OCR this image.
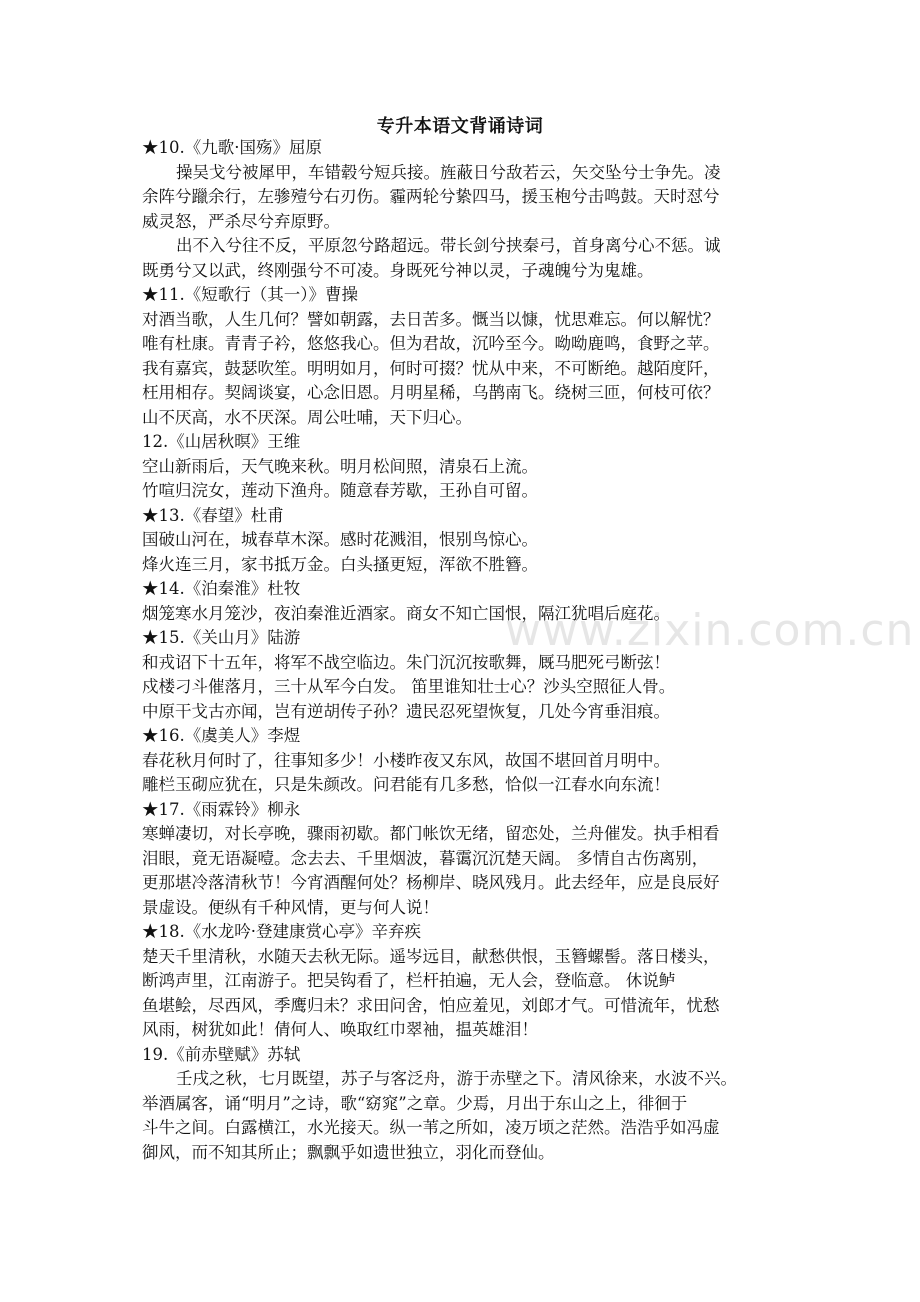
www.zixin.com.cn
专升本语文背诵诗词
★10.《九歌·国殇》屈原
操吴戈兮被犀甲，车错毂兮短兵接。旌蔽日兮敌若云，矢交坠兮士争先。凌
余阵兮躐余行，左骖殪兮右刃伤。霾两轮兮絷四马，援玉枹兮击鸣鼓。天时怼兮
威灵怒，严杀尽兮弃原野。
出不入兮往不反，平原忽兮路超远。带长剑兮挟秦弓，首身离兮心不惩。诚
既勇兮又以武，终刚强兮不可凌。身既死兮神以灵，子魂魄兮为鬼雄。
★11.《短歌行（其一）》曹操
对酒当歌，人生几何？譬如朝露，去日苦多。慨当以慷，忧思难忘。何以解忧？
唯有杜康。青青子衿，悠悠我心。但为君故，沉吟至今。呦呦鹿鸣，食野之苹。
我有嘉宾，鼓瑟吹笙。明明如月，何时可掇？忧从中来，不可断绝。越陌度阡，
枉用相存。契阔谈宴，心念旧恩。月明星稀，乌鹊南飞。绕树三匝，何枝可依？
山不厌高，水不厌深。周公吐哺，天下归心。
12.《山居秋暝》王维
空山新雨后，天气晚来秋。明月松间照，清泉石上流。
竹喧归浣女，莲动下渔舟。随意春芳歇，王孙自可留。
★13.《春望》杜甫
国破山河在，城春草木深。感时花溅泪，恨别鸟惊心。
烽火连三月，家书抵万金。白头搔更短，浑欲不胜簪。
★14.《泊秦淮》杜牧
烟笼寒水月笼沙，夜泊秦淮近酒家。商女不知亡国恨，隔江犹唱后庭花。
★15.《关山月》陆游
和戎诏下十五年，将军不战空临边。朱门沉沉按歌舞，厩马肥死弓断弦！
戍楼刁斗催落月，三十从军今白发。 笛里谁知壮士心？沙头空照征人骨。
中原干戈古亦闻，岂有逆胡传子孙？遗民忍死望恢复，几处今宵垂泪痕。
★16.《虞美人》李煜
春花秋月何时了，往事知多少！小楼昨夜又东风，故国不堪回首月明中。
雕栏玉砌应犹在，只是朱颜改。问君能有几多愁，恰似一江春水向东流！
★17.《雨霖铃》柳永
寒蝉凄切，对长亭晚，骤雨初歇。都门帐饮无绪，留恋处，兰舟催发。执手相看
泪眼，竟无语凝噎。念去去、千里烟波，暮霭沉沉楚天阔。 多情自古伤离别，
更那堪冷落清秋节！今宵酒醒何处？杨柳岸、晓风残月。此去经年，应是良辰好
景虚设。便纵有千种风情，更与何人说！
★18.《水龙吟·登建康赏心亭》辛弃疾
楚天千里清秋，水随天去秋无际。遥岑远目，献愁供恨，玉簪螺髻。落日楼头，
断鸿声里，江南游子。把吴钩看了，栏杆拍遍，无人会，登临意。 休说鲈
鱼堪鲙，尽西风，季鹰归未？求田问舍，怕应羞见，刘郎才气。可惜流年，忧愁
风雨，树犹如此！倩何人、唤取红巾翠袖，揾英雄泪！
19.《前赤壁赋》苏轼
壬戌之秋，七月既望，苏子与客泛舟，游于赤壁之下。清风徐来，水波不兴。
举酒属客，诵“明月”之诗，歌“窈窕”之章。少焉，月出于东山之上，徘徊于
斗牛之间。白露横江，水光接天。纵一苇之所如，凌万顷之茫然。浩浩乎如冯虚
御风，而不知其所止；飘飘乎如遗世独立，羽化而登仙。
